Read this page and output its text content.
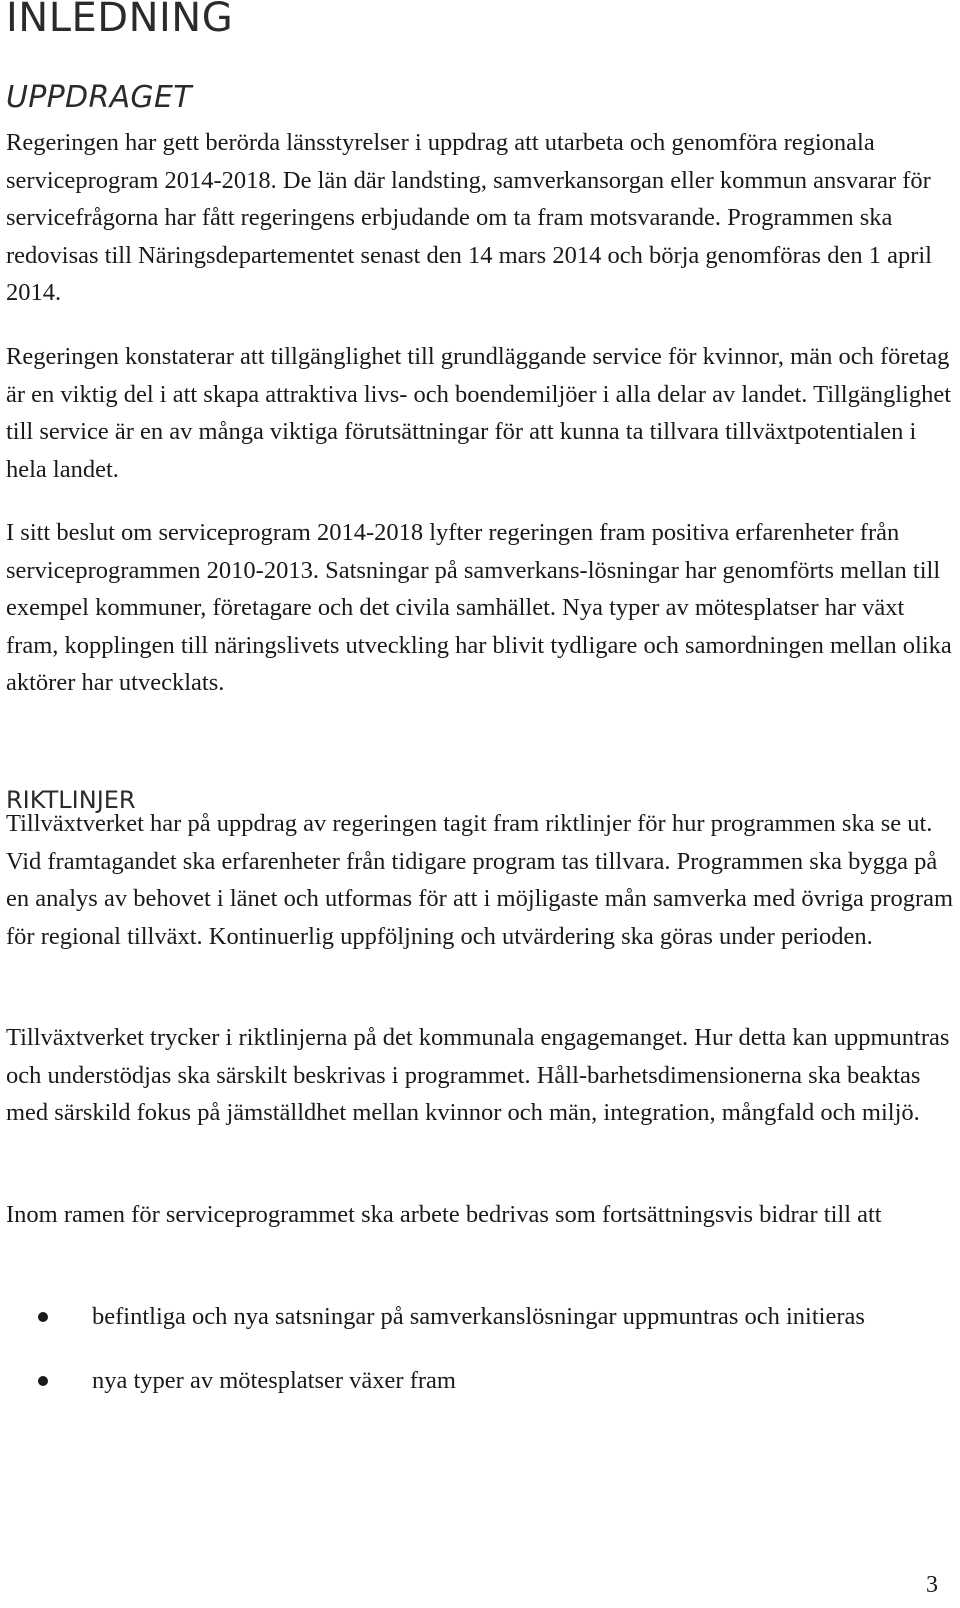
INLEDNING
UPPDRAGET

Regeringen har gett berörda länsstyrelser i uppdrag att utarbeta och genomföra regionala serviceprogram 2014-2018. De län där landsting, samverkansorgan eller kommun ansvarar för servicefrågorna har fått regeringens erbjudande om ta fram motsvarande. Programmen ska redovisas till Näringsdepartementet senast den 14 mars 2014 och börja genomföras den 1 april 2014.

Regeringen konstaterar att tillgänglighet till grundläggande service för kvinnor, män och företag är en viktig del i att skapa attraktiva livs- och boendemiljöer i alla delar av landet. Tillgänglighet till service är en av många viktiga förutsättningar för att kunna ta tillvara tillväxtpotentialen i hela landet.

I sitt beslut om serviceprogram 2014-2018 lyfter regeringen fram positiva erfarenheter från serviceprogrammen 2010-2013. Satsningar på samverkans-lösningar har genomförts mellan till exempel kommuner, företagare och det civila samhället. Nya typer av mötesplatser har växt fram, kopplingen till näringslivets utveckling har blivit tydligare och samordningen mellan olika aktörer har utvecklats.

RIKTLINJER

Tillväxtverket har på uppdrag av regeringen tagit fram riktlinjer för hur programmen ska se ut. Vid framtagandet ska erfarenheter från tidigare program tas tillvara. Programmen ska bygga på en analys av behovet i länet och utformas för att i möjligaste mån samverka med övriga program för regional tillväxt. Kontinuerlig uppföljning och utvärdering ska göras under perioden.

Tillväxtverket trycker i riktlinjerna på det kommunala engagemanget. Hur detta kan uppmuntras och understödjas ska särskilt beskrivas i programmet. Håll-barhetsdimensionerna ska beaktas med särskild fokus på jämställdhet mellan kvinnor och män, integration, mångfald och miljö.

Inom ramen för serviceprogrammet ska arbete bedrivas som fortsättningsvis bidrar till att

befintliga och nya satsningar på samverkanslösningar uppmuntras och initieras
nya typer av mötesplatser växer fram
3
